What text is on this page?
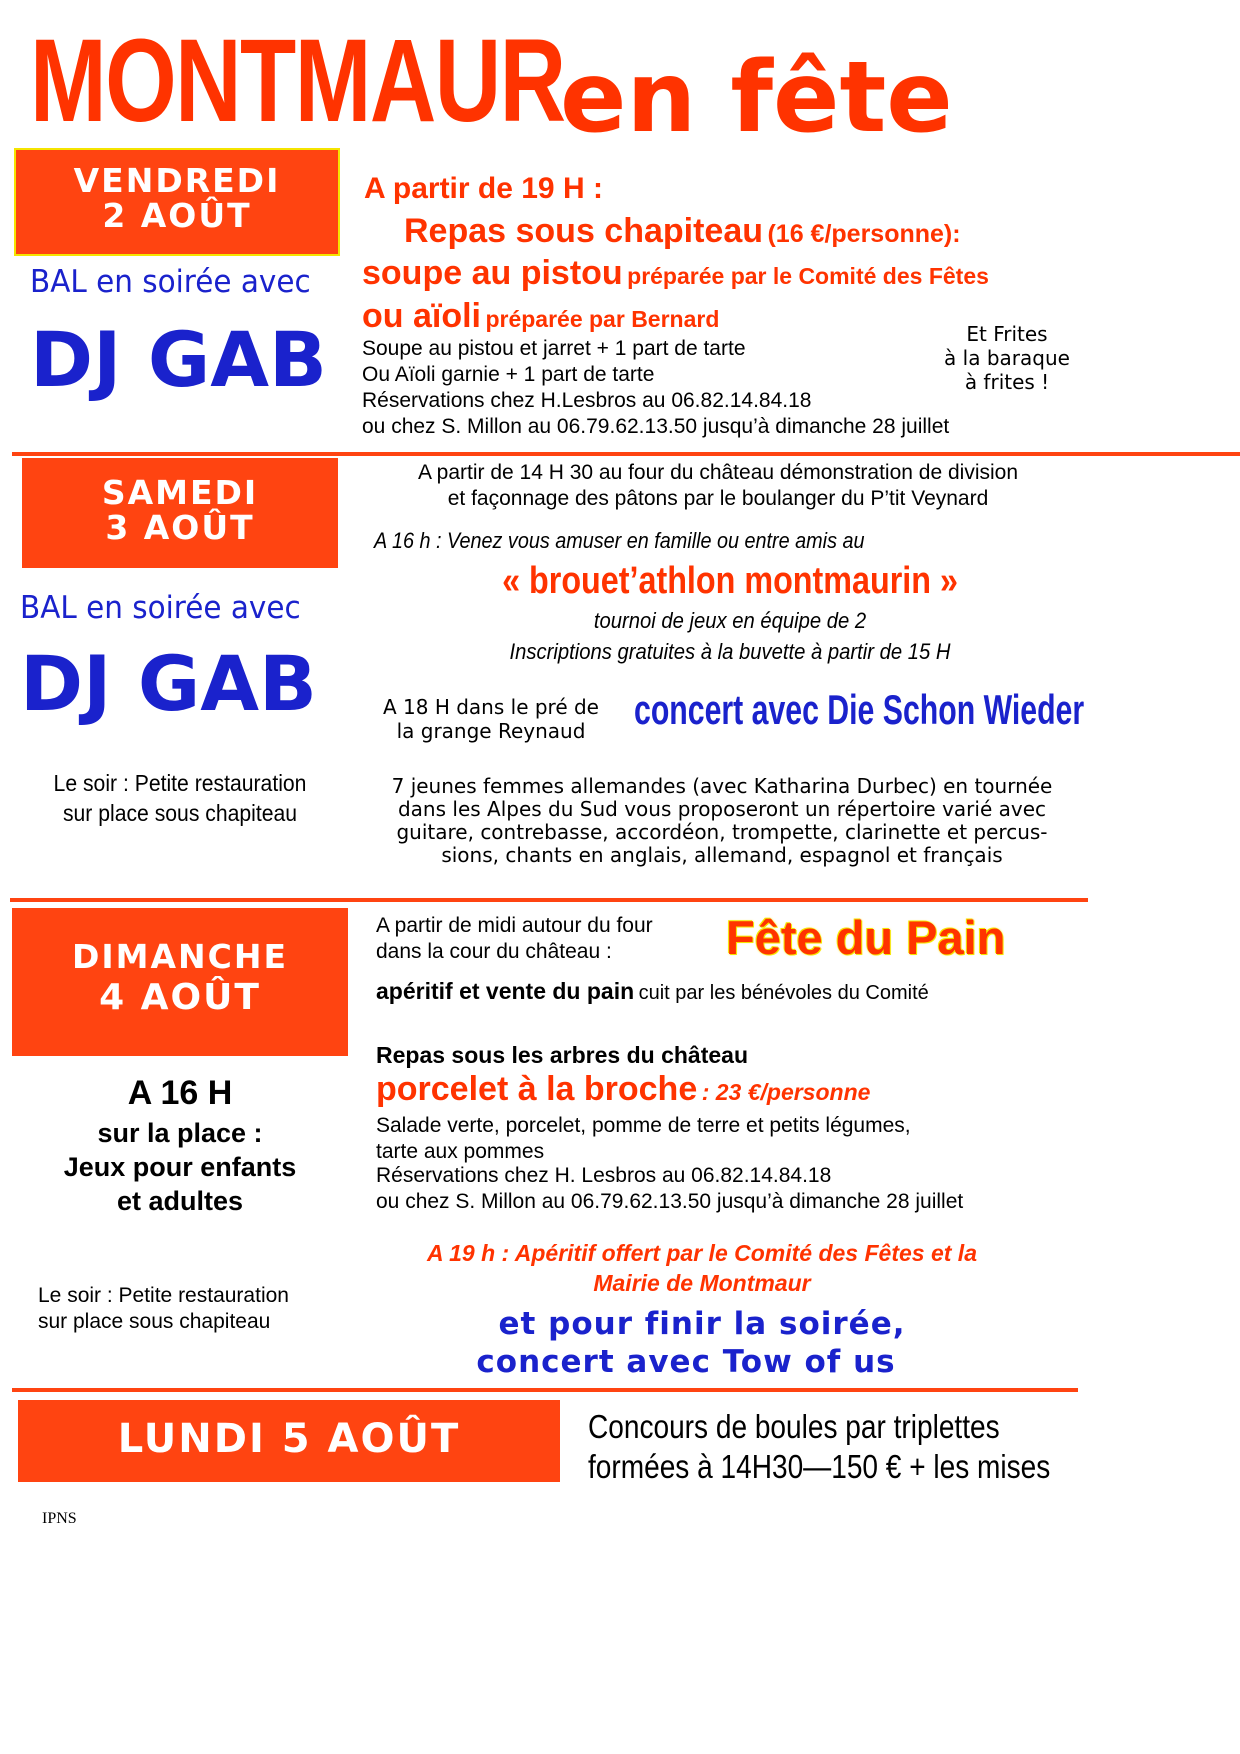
MONTMAUR
en fête
VENDREDI
2 AOÛT
BAL en soirée avec
DJ GAB
A partir de 19 H :
Repas sous chapiteau (16 €/personne):
soupe au pistou préparée par le Comité des Fêtes
ou aïoli préparée par Bernard
Soupe au pistou et jarret + 1 part de tarte
Ou Aïoli garnie + 1 part de tarte
Réservations chez H.Lesbros au 06.82.14.84.18
ou chez S. Millon au 06.79.62.13.50 jusqu’à dimanche 28 juillet
Et Frites
à la baraque
à frites !
SAMEDI
3 AOÛT
BAL en soirée avec
DJ GAB
Le soir : Petite restauration
sur place sous chapiteau
A partir de 14 H 30 au four du château démonstration de division
et façonnage des pâtons par le boulanger du P’tit Veynard
A 16 h : Venez vous amuser en famille ou entre amis au
« brouet’athlon montmaurin »
tournoi de jeux en équipe de 2
Inscriptions gratuites à la buvette à partir de 15 H
A 18 H dans le pré de
la grange Reynaud	concert avec Die Schon Wieder
7 jeunes femmes allemandes (avec Katharina Durbec) en tournée
dans les Alpes du Sud vous proposeront un répertoire varié avec
guitare, contrebasse, accordéon, trompette, clarinette et percus-
sions, chants en anglais, allemand, espagnol et français
DIMANCHE
4 AOÛT
A 16 H
sur la place :
Jeux pour enfants
et adultes
Le soir : Petite restauration
sur place sous chapiteau
A partir de midi autour du four
dans la cour du château : Fête du Pain
apéritif et vente du pain cuit par les bénévoles du Comité
Repas sous les arbres du château
porcelet à la broche : 23 €/personne
Salade verte, porcelet, pomme de terre et petits légumes,
tarte aux pommes
Réservations chez H. Lesbros au 06.82.14.84.18
ou chez S. Millon au 06.79.62.13.50 jusqu’à dimanche 28 juillet
A 19 h : Apéritif offert par le Comité des Fêtes et la
Mairie de Montmaur
et pour finir la soirée,
concert avec Tow of us
LUNDI 5 AOÛT	Concours de boules par triplettes
formées à 14H30—150 € + les mises
IPNS
